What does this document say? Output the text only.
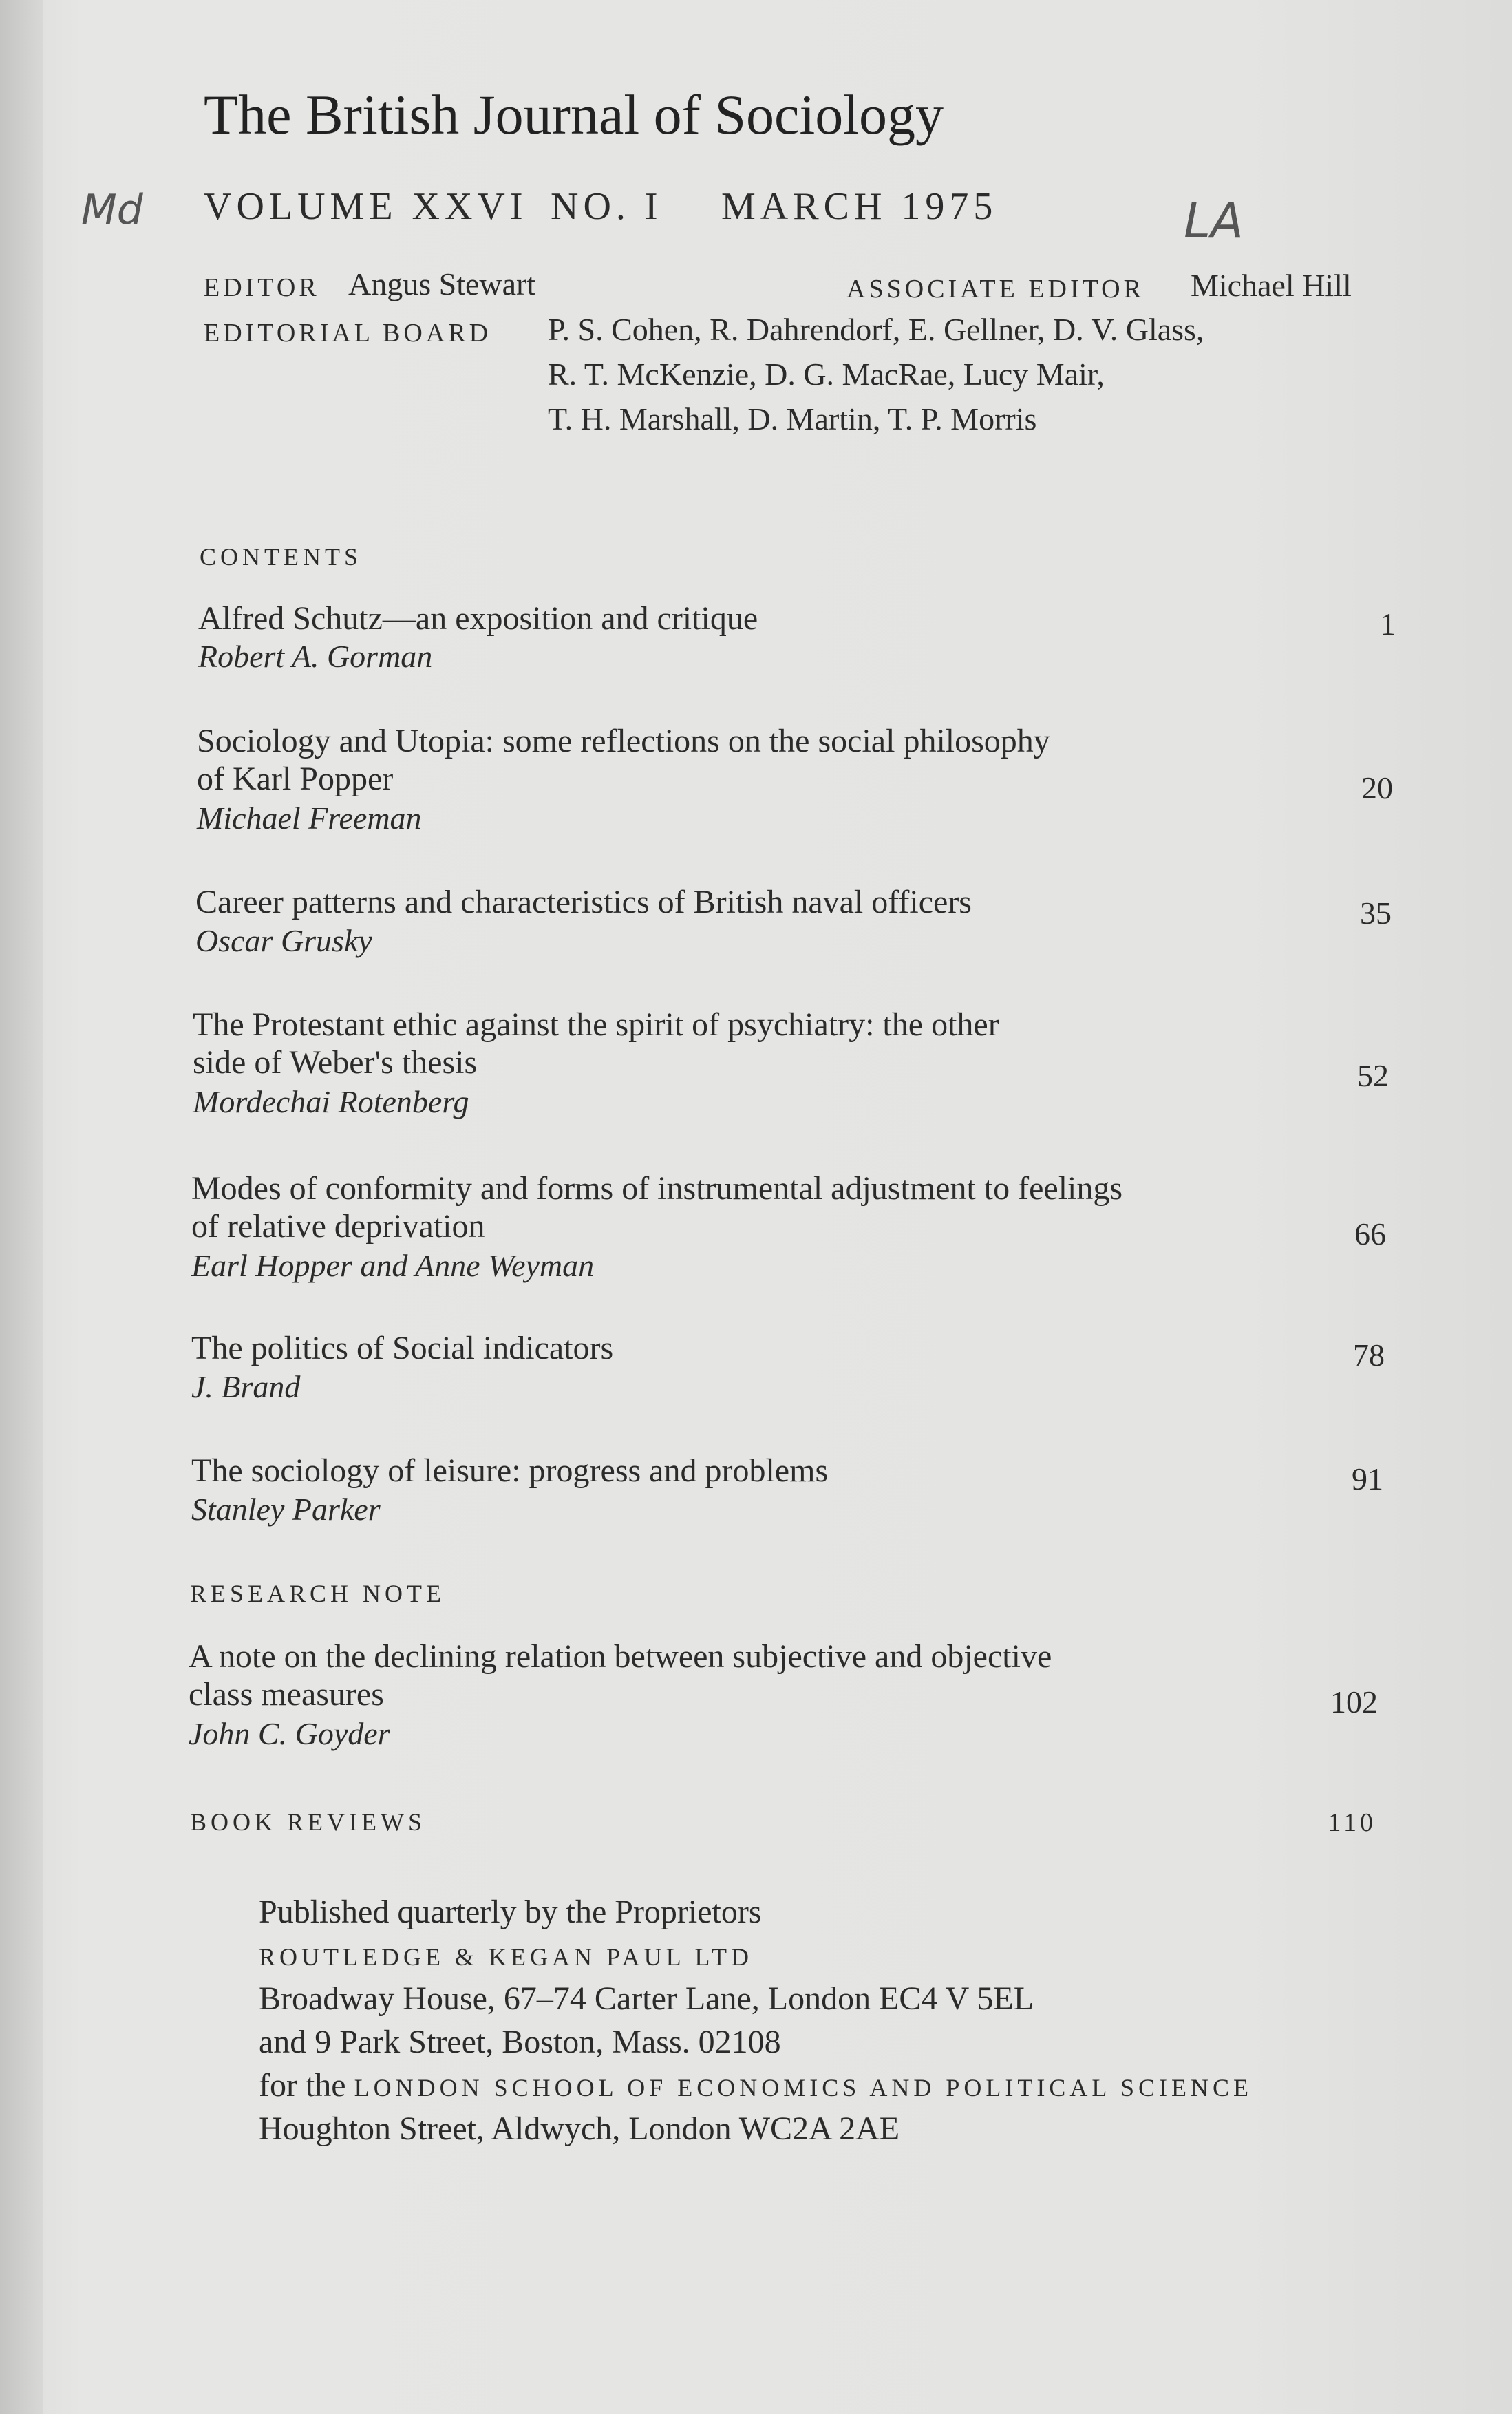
The British Journal of Sociology
Md VOLUME XXVI NO. I MARCH 1975	LA
EDITOR Angus Stewart	ASSOCIATE EDITOR Michael Hill
EDITORIAL BOARD P. S. Cohen, R. Dahrendorf, E. Gellner, D. V. Glass,
R. T. McKenzie, D. G. MacRae, Lucy Mair,
T. H. Marshall, D. Martin, T. P. Morris
CONTENTS
Alfred Schutz—an exposition and critique
Robert A. Gorman
1
Sociology and Utopia: some reflections on the social philosophy
of Karl Popper
Michael Freeman
20
Career patterns and characteristics of British naval officers
Oscar Grusky
35
The Protestant ethic against the spirit of psychiatry: the other
side of Weber's thesis
Mordechai Rotenberg
52
Modes of conformity and forms of instrumental adjustment to feelings
of relative deprivation
Earl Hopper and Anne Weyman
66
The politics of Social indicators
J. Brand
78
The sociology of leisure: progress and problems
Stanley Parker
91
RESEARCH NOTE
A note on the declining relation between subjective and objective
class measures
John C. Goyder
102
BOOK REVIEWS	110
Published quarterly by the Proprietors
ROUTLEDGE & KEGAN PAUL LTD
Broadway House, 67–74 Carter Lane, London EC4 V 5EL
and 9 Park Street, Boston, Mass. 02108
for the LONDON SCHOOL OF ECONOMICS AND POLITICAL SCIENCE
Houghton Street, Aldwych, London WC2A 2AE
